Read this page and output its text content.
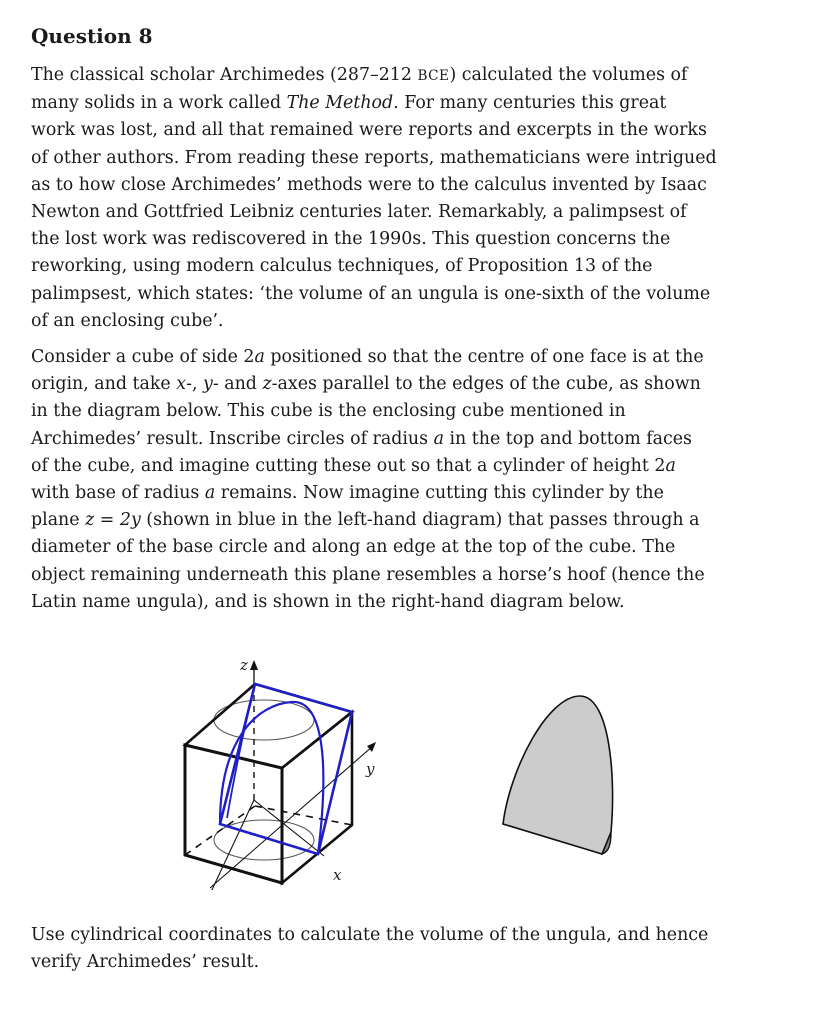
Question 8
The classical scholar Archimedes (287–212 BCE) calculated the volumes of
many solids in a work called The Method. For many centuries this great
work was lost, and all that remained were reports and excerpts in the works
of other authors. From reading these reports, mathematicians were intrigued
as to how close Archimedes’ methods were to the calculus invented by Isaac
Newton and Gottfried Leibniz centuries later. Remarkably, a palimpsest of
the lost work was rediscovered in the 1990s. This question concerns the
reworking, using modern calculus techniques, of Proposition 13 of the
palimpsest, which states: ‘the volume of an ungula is one-sixth of the volume
of an enclosing cube’.
Consider a cube of side 2a positioned so that the centre of one face is at the
origin, and take x-, y- and z-axes parallel to the edges of the cube, as shown
in the diagram below. This cube is the enclosing cube mentioned in
Archimedes’ result. Inscribe circles of radius a in the top and bottom faces
of the cube, and imagine cutting these out so that a cylinder of height 2a
with base of radius a remains. Now imagine cutting this cylinder by the
plane z = 2y (shown in blue in the left-hand diagram) that passes through a
diameter of the base circle and along an edge at the top of the cube. The
object remaining underneath this plane resembles a horse’s hoof (hence the
Latin name ungula), and is shown in the right-hand diagram below.
z
y
x
Use cylindrical coordinates to calculate the volume of the ungula, and hence
verify Archimedes’ result.
